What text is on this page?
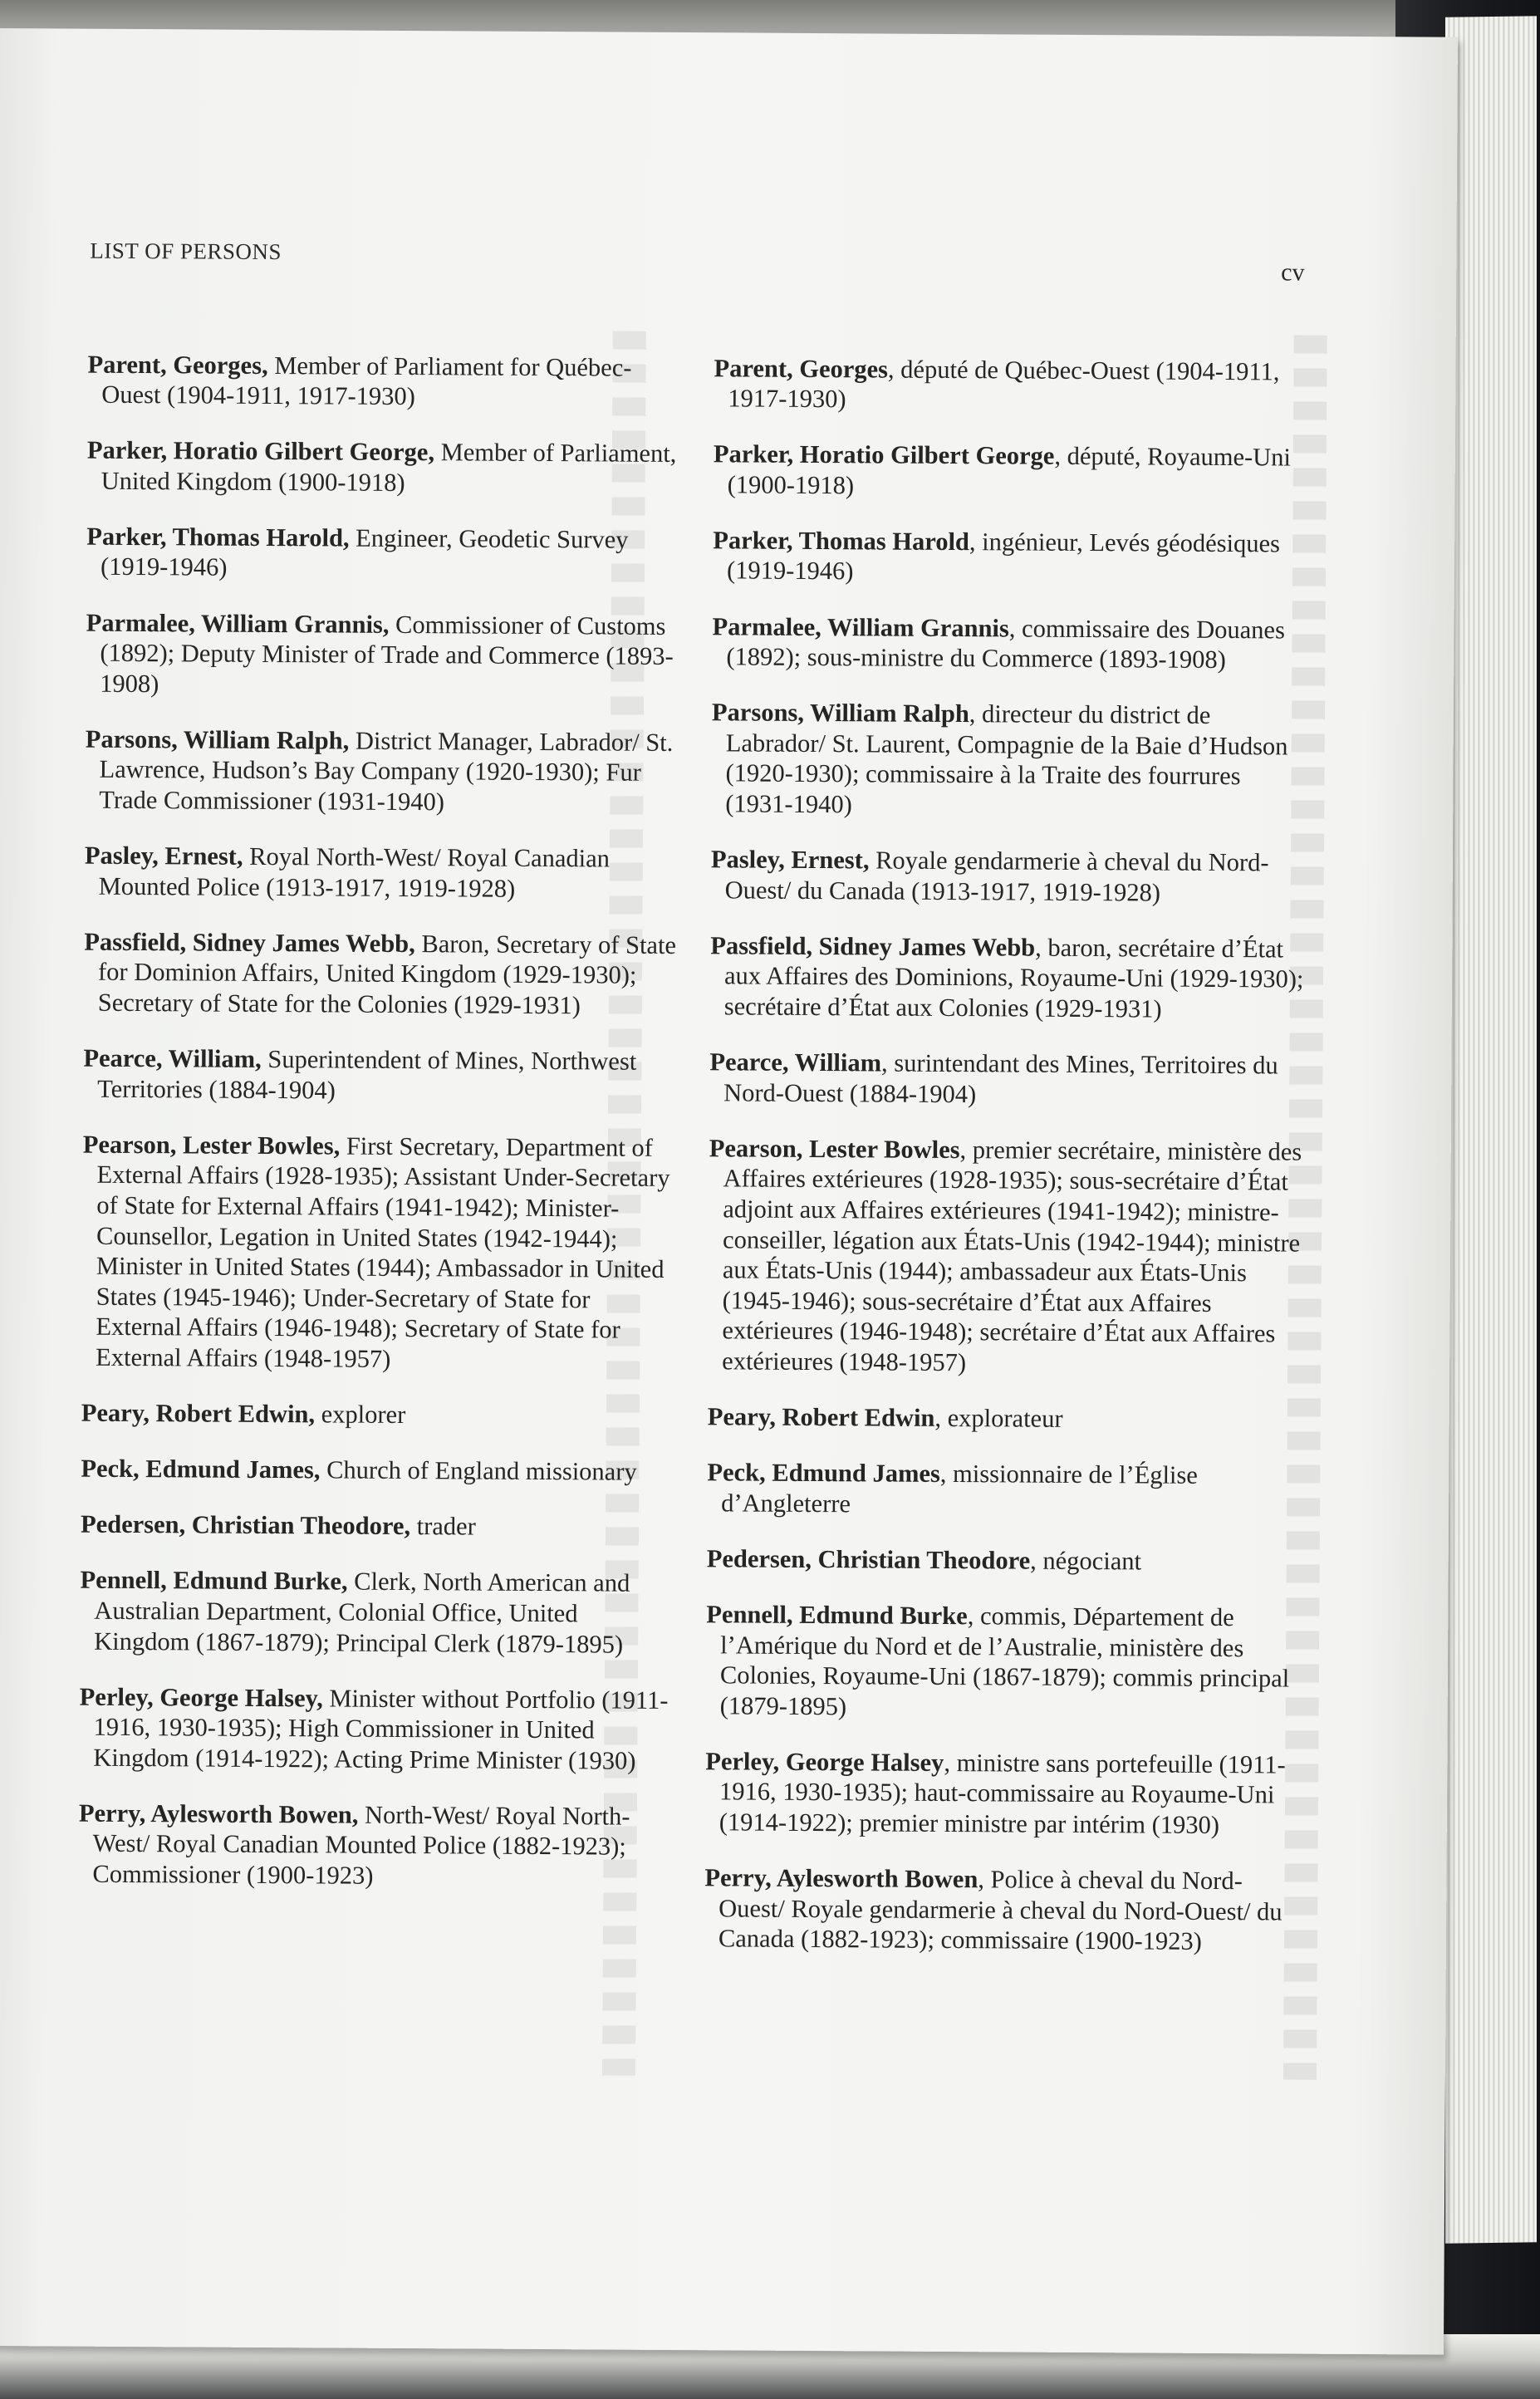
LIST OF PERSONS
cv

Parent, Georges, Member of Parliament for Québec-Ouest (1904-1911, 1917-1930)

Parker, Horatio Gilbert George, Member of Parliament, United Kingdom (1900-1918)

Parker, Thomas Harold, Engineer, Geodetic Survey (1919-1946)

Parmalee, William Grannis, Commissioner of Customs (1892); Deputy Minister of Trade and Commerce (1893-1908)

Parsons, William Ralph, District Manager, Labrador/ St. Lawrence, Hudson’s Bay Company (1920-1930); Fur Trade Commissioner (1931-1940)

Pasley, Ernest, Royal North-West/ Royal Canadian Mounted Police (1913-1917, 1919-1928)

Passfield, Sidney James Webb, Baron, Secretary of State for Dominion Affairs, United Kingdom (1929-1930); Secretary of State for the Colonies (1929-1931)

Pearce, William, Superintendent of Mines, Northwest Territories (1884-1904)

Pearson, Lester Bowles, First Secretary, Department of External Affairs (1928-1935); Assistant Under-Secretary of State for External Affairs (1941-1942); Minister-Counsellor, Legation in United States (1942-1944); Minister in United States (1944); Ambassador in United States (1945-1946); Under-Secretary of State for External Affairs (1946-1948); Secretary of State for External Affairs (1948-1957)

Peary, Robert Edwin, explorer

Peck, Edmund James, Church of England missionary

Pedersen, Christian Theodore, trader

Pennell, Edmund Burke, Clerk, North American and Australian Department, Colonial Office, United Kingdom (1867-1879); Principal Clerk (1879-1895)

Perley, George Halsey, Minister without Portfolio (1911-1916, 1930-1935); High Commissioner in United Kingdom (1914-1922); Acting Prime Minister (1930)

Perry, Aylesworth Bowen, North-West/ Royal North-West/ Royal Canadian Mounted Police (1882-1923); Commissioner (1900-1923)

Parent, Georges, député de Québec-Ouest (1904-1911, 1917-1930)

Parker, Horatio Gilbert George, député, Royaume-Uni (1900-1918)

Parker, Thomas Harold, ingénieur, Levés géodésiques (1919-1946)

Parmalee, William Grannis, commissaire des Douanes (1892); sous-ministre du Commerce (1893-1908)

Parsons, William Ralph, directeur du district de Labrador/ St. Laurent, Compagnie de la Baie d’Hudson (1920-1930); commissaire à la Traite des fourrures (1931-1940)

Pasley, Ernest, Royale gendarmerie à cheval du Nord-Ouest/ du Canada (1913-1917, 1919-1928)

Passfield, Sidney James Webb, baron, secrétaire d’État aux Affaires des Dominions, Royaume-Uni (1929-1930); secrétaire d’État aux Colonies (1929-1931)

Pearce, William, surintendant des Mines, Territoires du Nord-Ouest (1884-1904)

Pearson, Lester Bowles, premier secrétaire, ministère des Affaires extérieures (1928-1935); sous-secrétaire d’État adjoint aux Affaires extérieures (1941-1942); ministre-conseiller, légation aux États-Unis (1942-1944); ministre aux États-Unis (1944); ambassadeur aux États-Unis (1945-1946); sous-secrétaire d’État aux Affaires extérieures (1946-1948); secrétaire d’État aux Affaires extérieures (1948-1957)

Peary, Robert Edwin, explorateur

Peck, Edmund James, missionnaire de l’Église d’Angleterre

Pedersen, Christian Theodore, négociant

Pennell, Edmund Burke, commis, Département de l’Amérique du Nord et de l’Australie, ministère des Colonies, Royaume-Uni (1867-1879); commis principal (1879-1895)

Perley, George Halsey, ministre sans portefeuille (1911-1916, 1930-1935); haut-commissaire au Royaume-Uni (1914-1922); premier ministre par intérim (1930)

Perry, Aylesworth Bowen, Police à cheval du Nord-Ouest/ Royale gendarmerie à cheval du Nord-Ouest/ du Canada (1882-1923); commissaire (1900-1923)
